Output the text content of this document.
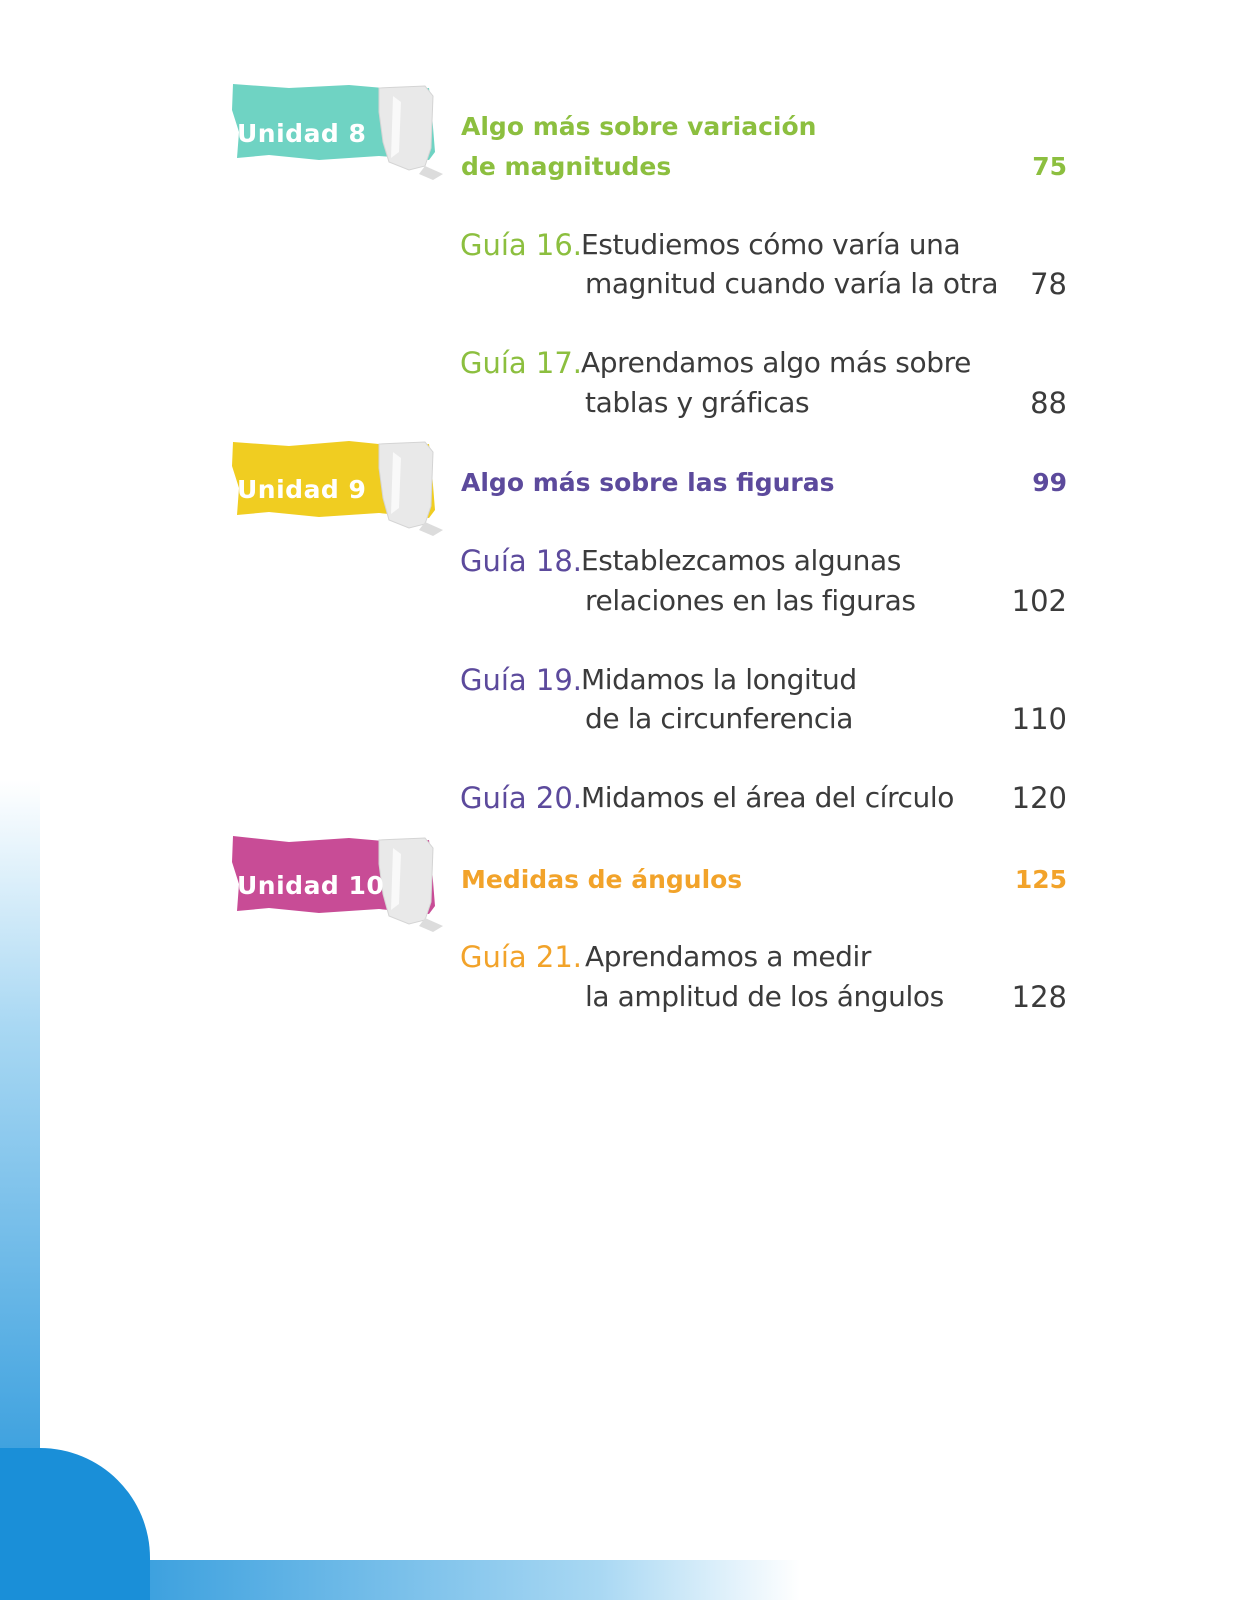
Unidad 8	Algo más sobre variación
de magnitudes	75
Guía 16.
Estudiemos cómo varía una
magnitud cuando varía la otra 78
Guía 17.
Aprendamos algo más sobre
tablas y gráficas	88
Unidad 9	Algo más sobre las figuras	99
Guía 18.
Establezcamos algunas
relaciones en las figuras	102
Guía 19.
Midamos la longitud
de la circunferencia	110
Guía 20.
Midamos el área del círculo 120
Unidad 10	Medidas de ángulos	125
Guía 21. Aprendamos a medir
la amplitud de los ángulos 128
